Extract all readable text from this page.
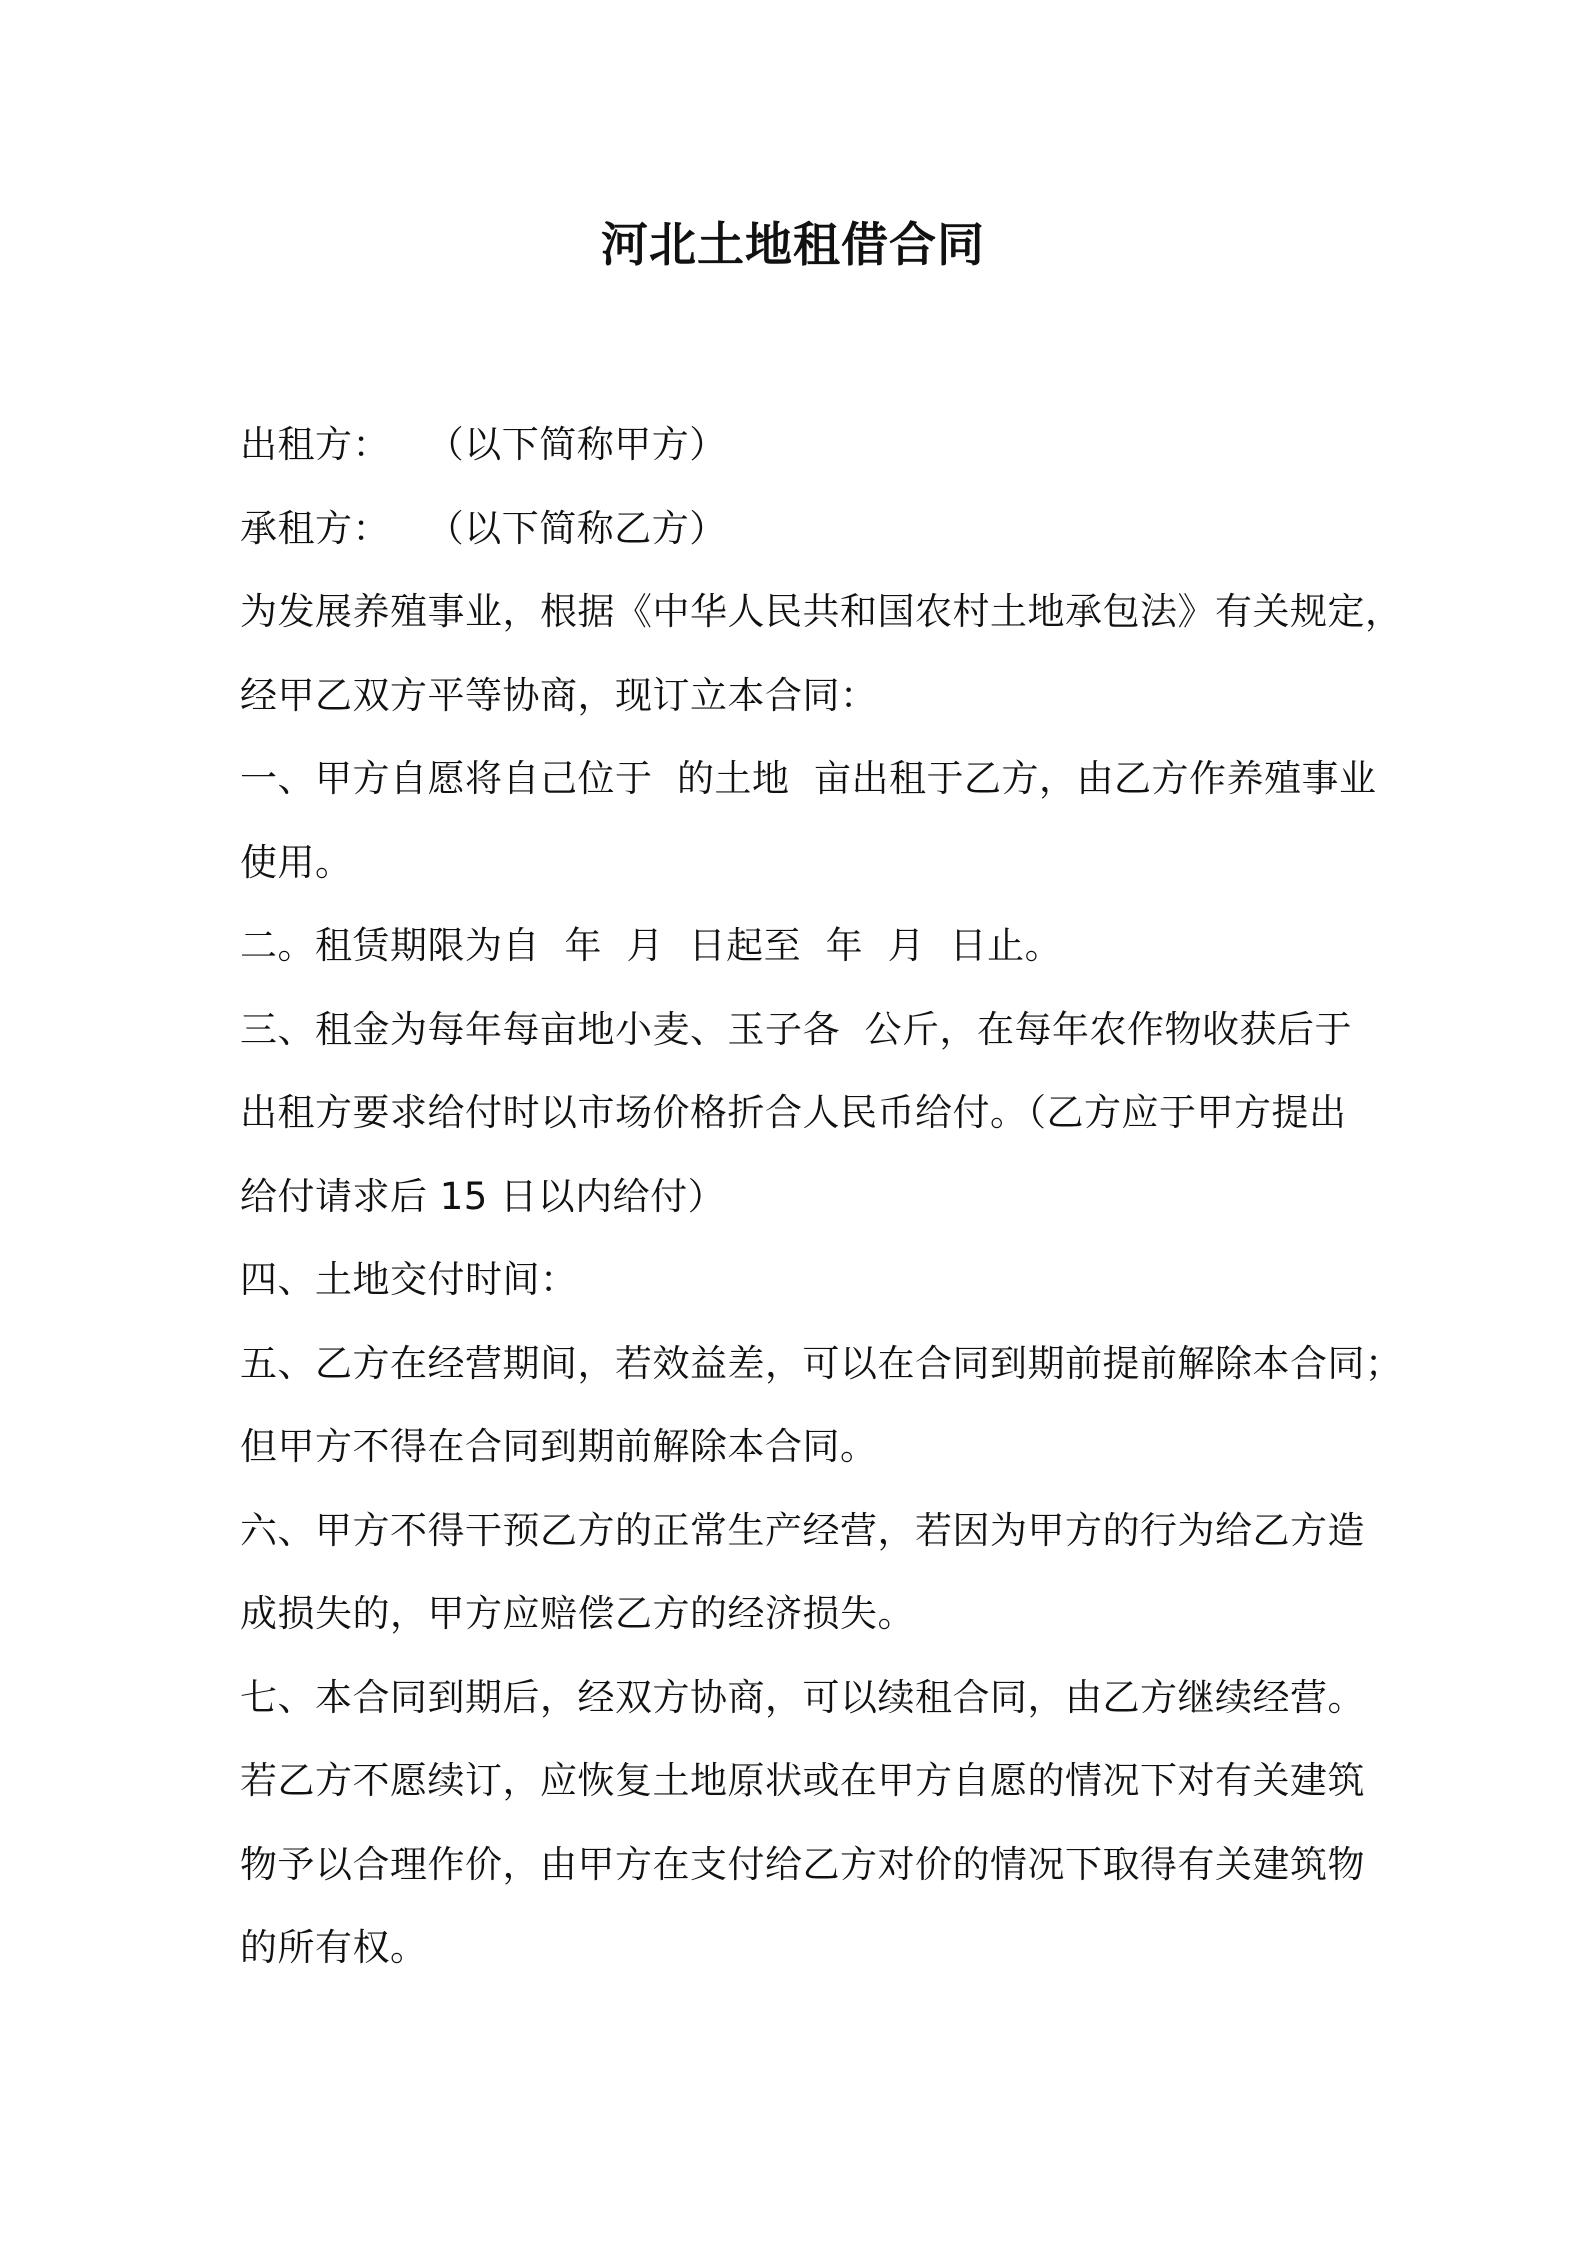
河北土地租借合同
出租方：   （以下简称甲方）
承租方：   （以下简称乙方）
为发展养殖事业，根据《中华人民共和国农村土地承包法》有关规定，
经甲乙双方平等协商，现订立本合同：
一、甲方自愿将自己位于  的土地  亩出租于乙方，由乙方作养殖事业
使用。
二。租赁期限为自  年  月  日起至  年  月  日止。
三、租金为每年每亩地小麦、玉子各  公斤，在每年农作物收获后于
出租方要求给付时以市场价格折合人民币给付。（乙方应于甲方提出
给付请求后 15 日以内给付）
四、土地交付时间：
五、乙方在经营期间，若效益差，可以在合同到期前提前解除本合同；
但甲方不得在合同到期前解除本合同。
六、甲方不得干预乙方的正常生产经营，若因为甲方的行为给乙方造
成损失的，甲方应赔偿乙方的经济损失。
七、本合同到期后，经双方协商，可以续租合同，由乙方继续经营。
若乙方不愿续订，应恢复土地原状或在甲方自愿的情况下对有关建筑
物予以合理作价，由甲方在支付给乙方对价的情况下取得有关建筑物
的所有权。
